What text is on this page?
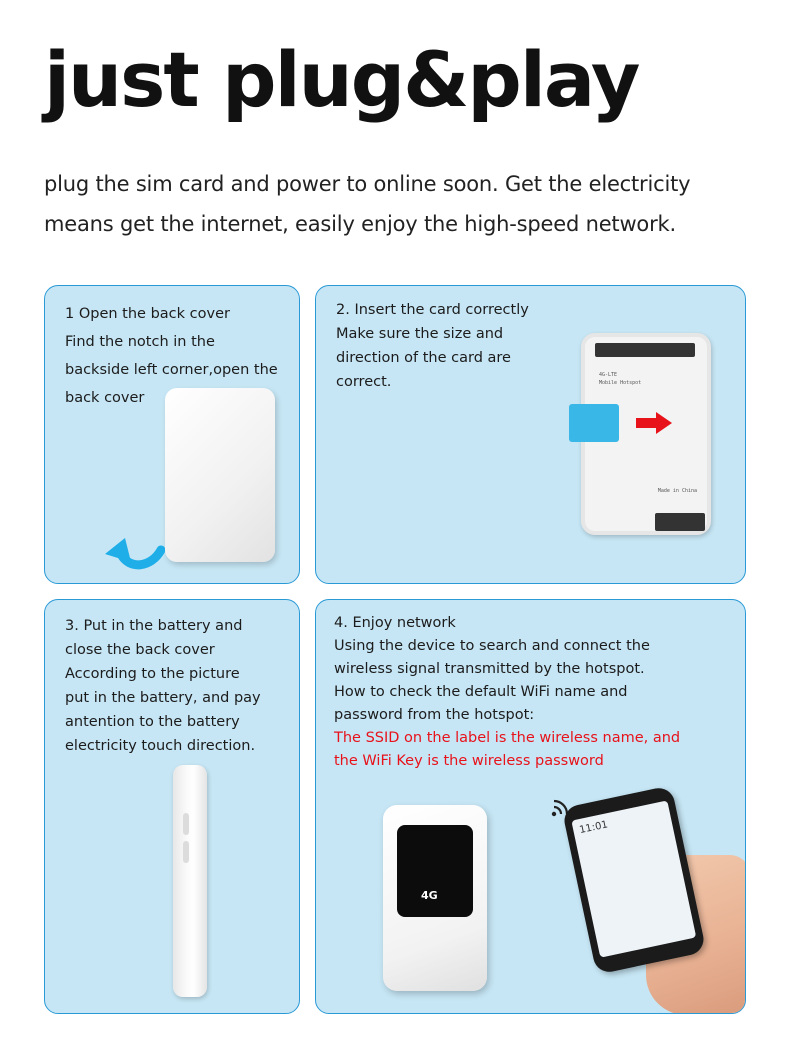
just plug&play
plug the sim card and power to online soon. Get the electricity
means get the internet, easily enjoy the high-speed network.
1 Open the back cover
Find the notch in the
backside left corner,open the
back cover
2. Insert the card correctly
Make sure the size and
direction of the card are
correct.	4G-LTE
Mobile Hotspot
Made in China
3. Put in the battery and
close the back cover
According to the picture
put in the battery, and pay
antention to the battery
electricity touch direction.
4. Enjoy network
Using the device to search and connect the
wireless signal transmitted by the hotspot.
How to check the default WiFi name and
password from the hotspot:
The SSID on the label is the wireless name, and
the WiFi Key is the wireless password
4G
11:01
